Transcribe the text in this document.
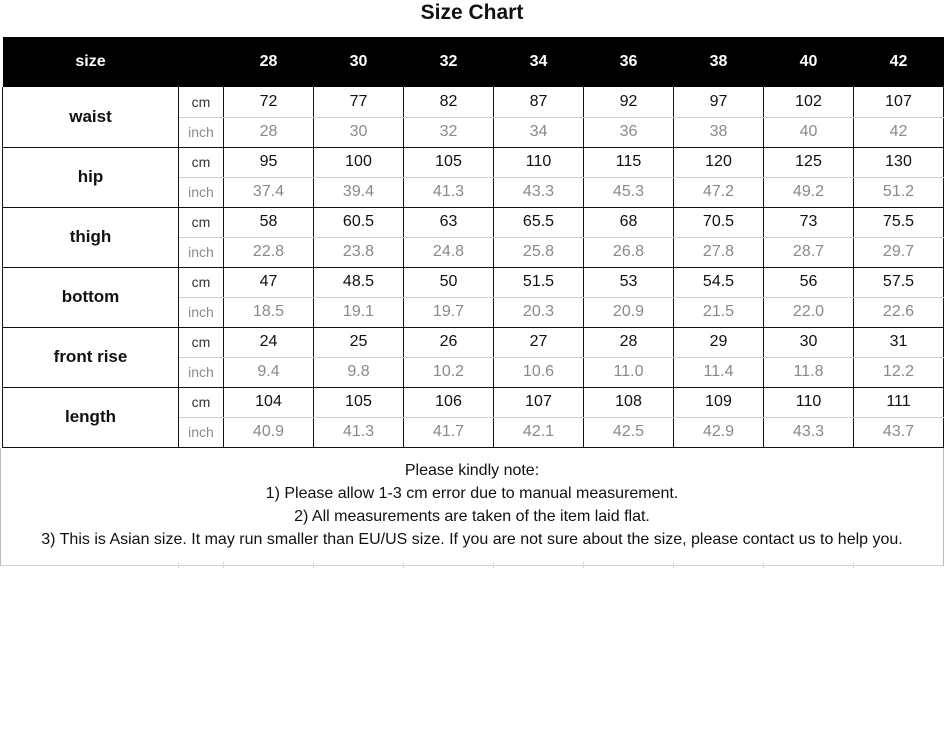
Size Chart
size		28	30	32	34	36	38	40	42
waist	cm	72	77	82	87	92	97	102	107
	inch	28	30	32	34	36	38	40	42
hip	cm	95	100	105	110	115	120	125	130
	inch	37.4	39.4	41.3	43.3	45.3	47.2	49.2	51.2
thigh	cm	58	60.5	63	65.5	68	70.5	73	75.5
	inch	22.8	23.8	24.8	25.8	26.8	27.8	28.7	29.7
bottom	cm	47	48.5	50	51.5	53	54.5	56	57.5
	inch	18.5	19.1	19.7	20.3	20.9	21.5	22.0	22.6
front rise	cm	24	25	26	27	28	29	30	31
	inch	9.4	9.8	10.2	10.6	11.0	11.4	11.8	12.2
length	cm	104	105	106	107	108	109	110	111
	inch	40.9	41.3	41.7	42.1	42.5	42.9	43.3	43.7
Please kindly note:
1) Please allow 1-3 cm error due to manual measurement.
2) All measurements are taken of the item laid flat.
3) This is Asian size. It may run smaller than EU/US size. If you are not sure about the size, please contact us to help you.
